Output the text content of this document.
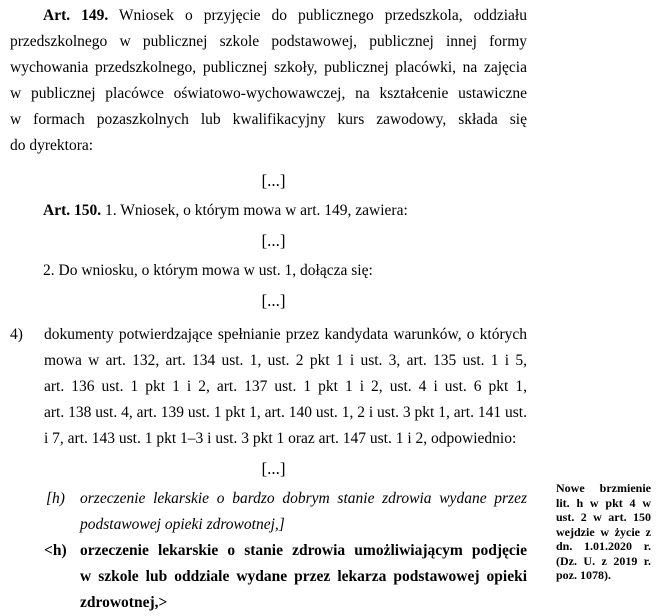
Art. 149. Wniosek o przyjęcie do publicznego przedszkola, oddziału
przedszkolnego w publicznej szkole podstawowej, publicznej innej formy
wychowania przedszkolnego, publicznej szkoły, publicznej placówki, na zajęcia
w publicznej placówce oświatowo-wychowawczej, na kształcenie ustawiczne
w formach pozaszkolnych lub kwalifikacyjny kurs zawodowy, składa się
do dyrektora:
[...]
Art. 150. 1. Wniosek, o którym mowa w art. 149, zawiera:
[...]
2. Do wniosku, o którym mowa w ust. 1, dołącza się:
[...]
4)	dokumenty potwierdzające spełnianie przez kandydata warunków, o których
mowa w art. 132, art. 134 ust. 1, ust. 2 pkt 1 i ust. 3, art. 135 ust. 1 i 5,
art. 136 ust. 1 pkt 1 i 2, art. 137 ust. 1 pkt 1 i 2, ust. 4 i ust. 6 pkt 1,
art. 138 ust. 4, art. 139 ust. 1 pkt 1, art. 140 ust. 1, 2 i ust. 3 pkt 1, art. 141 ust.
i 7, art. 143 ust. 1 pkt 1–3 i ust. 3 pkt 1 oraz art. 147 ust. 1 i 2, odpowiednio:
[...]
[h) orzeczenie lekarskie o bardzo dobrym stanie zdrowia wydane przez
podstawowej opieki zdrowotnej,]
<h) orzeczenie lekarskie o stanie zdrowia umożliwiającym podjęcie
w szkole lub oddziale wydane przez lekarza podstawowej opieki
zdrowotnej,>
Nowe brzmienie
lit. h w pkt 4 w
ust. 2 w art. 150
wejdzie w życie z
dn. 1.01.2020 r.
(Dz. U. z 2019 r.
poz. 1078).
